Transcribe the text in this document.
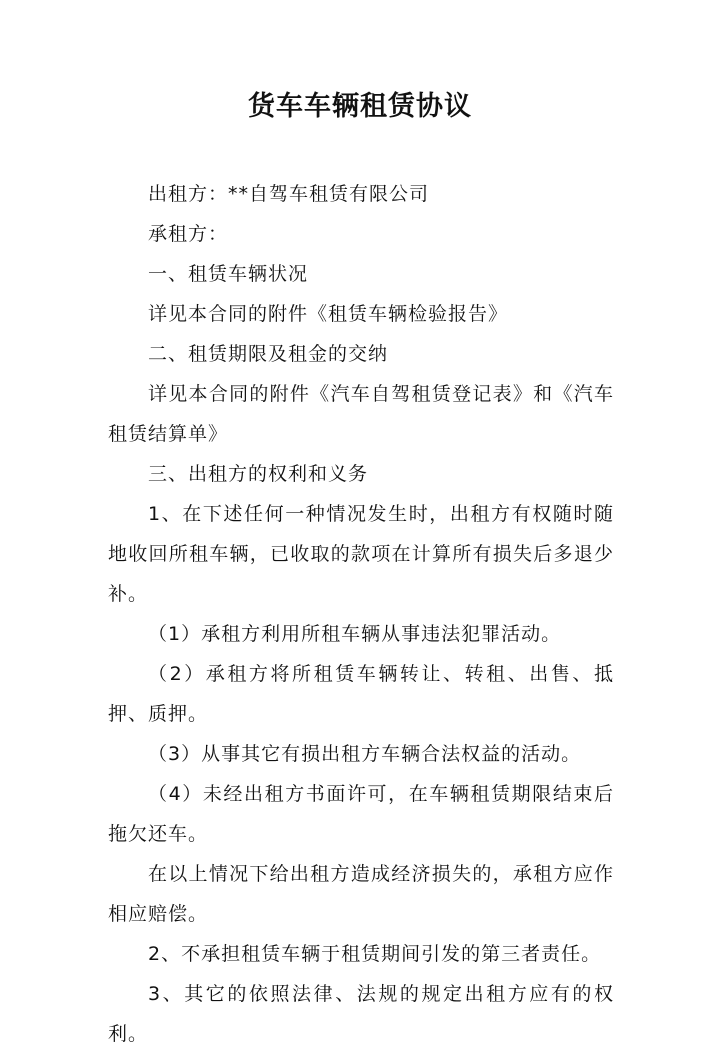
货车车辆租赁协议

出租方：**自驾车租赁有限公司

承租方：

一、租赁车辆状况

详见本合同的附件《租赁车辆检验报告》

二、租赁期限及租金的交纳

详见本合同的附件《汽车自驾租赁登记表》和《汽车租赁结算单》

三、出租方的权利和义务

1、在下述任何一种情况发生时，出租方有权随时随地收回所租车辆，已收取的款项在计算所有损失后多退少补。

（1）承租方利用所租车辆从事违法犯罪活动。

（2）承租方将所租赁车辆转让、转租、出售、抵押、质押。

（3）从事其它有损出租方车辆合法权益的活动。

（4）未经出租方书面许可，在车辆租赁期限结束后拖欠还车。

在以上情况下给出租方造成经济损失的，承租方应作相应赔偿。

2、不承担租赁车辆于租赁期间引发的第三者责任。

3、其它的依照法律、法规的规定出租方应有的权利。
